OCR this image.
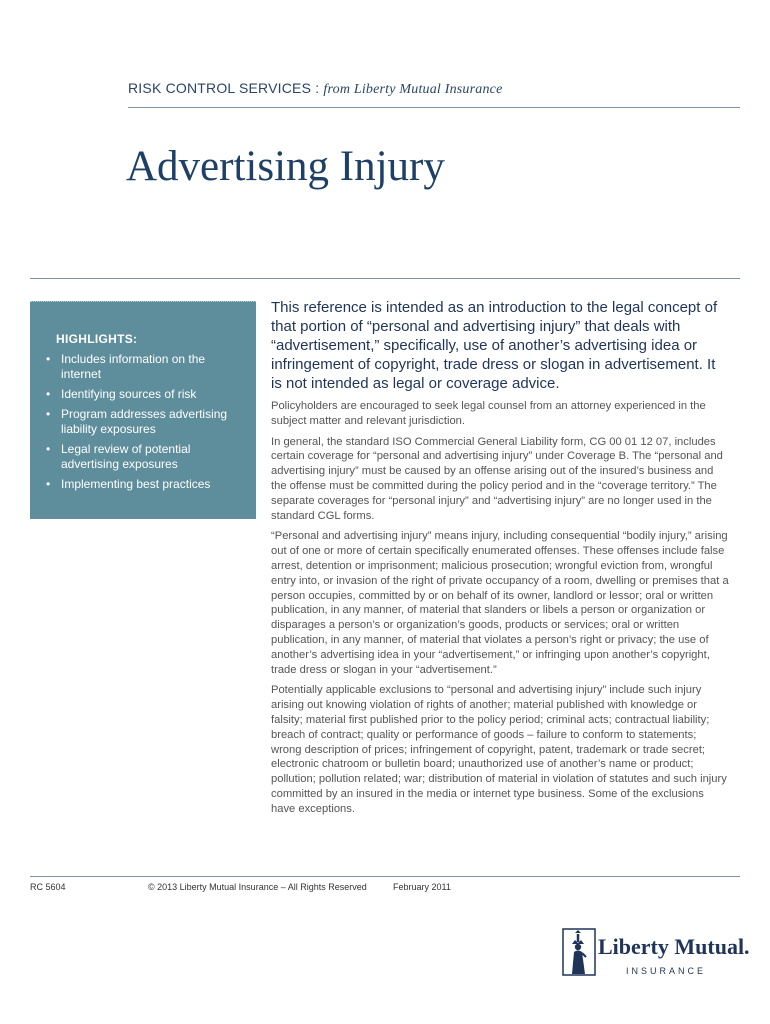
RISK CONTROL SERVICES : from Liberty Mutual Insurance
Advertising Injury
HIGHLIGHTS:
• Includes information on the internet
• Identifying sources of risk
• Program addresses advertising liability exposures
• Legal review of potential advertising exposures
• Implementing best practices

This reference is intended as an introduction to the legal concept of that portion of “personal and advertising injury” that deals with “advertisement,” specifically, use of another’s advertising idea or infringement of copyright, trade dress or slogan in advertisement. It is not intended as legal or coverage advice.

Policyholders are encouraged to seek legal counsel from an attorney experienced in the subject matter and relevant jurisdiction.

In general, the standard ISO Commercial General Liability form, CG 00 01 12 07, includes certain coverage for “personal and advertising injury” under Coverage B. The “personal and advertising injury” must be caused by an offense arising out of the insured’s business and the offense must be committed during the policy period and in the “coverage territory.” The separate coverages for “personal injury” and “advertising injury” are no longer used in the standard CGL forms.

“Personal and advertising injury” means injury, including consequential “bodily injury,” arising out of one or more of certain specifically enumerated offenses. These offenses include false arrest, detention or imprisonment; malicious prosecution; wrongful eviction from, wrongful entry into, or invasion of the right of private occupancy of a room, dwelling or premises that a person occupies, committed by or on behalf of its owner, landlord or lessor; oral or written publication, in any manner, of material that slanders or libels a person or organization or disparages a person’s or organization’s goods, products or services; oral or written publication, in any manner, of material that violates a person’s right or privacy; the use of another’s advertising idea in your “advertisement,” or infringing upon another’s copyright, trade dress or slogan in your “advertisement.”

Potentially applicable exclusions to “personal and advertising injury” include such injury arising out knowing violation of rights of another; material published with knowledge or falsity; material first published prior to the policy period; criminal acts; contractual liability; breach of contract; quality or performance of goods – failure to conform to statements; wrong description of prices; infringement of copyright, patent, trademark or trade secret; electronic chatroom or bulletin board; unauthorized use of another’s name or product; pollution; pollution related; war; distribution of material in violation of statutes and such injury committed by an insured in the media or internet type business. Some of the exclusions have exceptions.

RC 5604	© 2013 Liberty Mutual Insurance – All Rights Reserved	February 2011
Liberty Mutual.
INSURANCE
